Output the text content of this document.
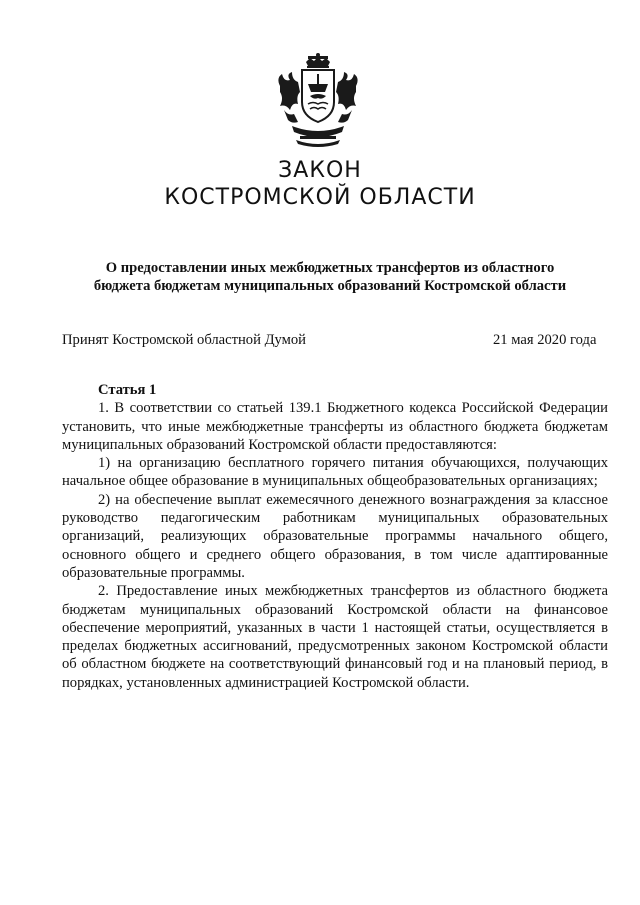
ЗАКОН
КОСТРОМСКОЙ ОБЛАСТИ
О предоставлении иных межбюджетных трансфертов из областного
бюджета бюджетам муниципальных образований Костромской области
Принят Костромской областной Думой	21 мая 2020 года

Статья 1

1. В соответствии со статьей 139.1 Бюджетного кодекса Российской Федерации установить, что иные межбюджетные трансферты из областного бюджета бюджетам муниципальных образований Костромской области предоставляются:

1) на организацию бесплатного горячего питания обучающихся, получающих начальное общее образование в муниципальных общеобразовательных организациях;

2) на обеспечение выплат ежемесячного денежного вознаграждения за классное руководство педагогическим работникам муниципальных образовательных организаций, реализующих образовательные программы начального общего, основного общего и среднего общего образования, в том числе адаптированные образовательные программы.

2. Предоставление иных межбюджетных трансфертов из областного бюджета бюджетам муниципальных образований Костромской области на финансовое обеспечение мероприятий, указанных в части 1 настоящей статьи, осуществляется в пределах бюджетных ассигнований, предусмотренных законом Костромской области об областном бюджете на соответствующий финансовый год и на плановый период, в порядках, установленных администрацией Костромской области.
